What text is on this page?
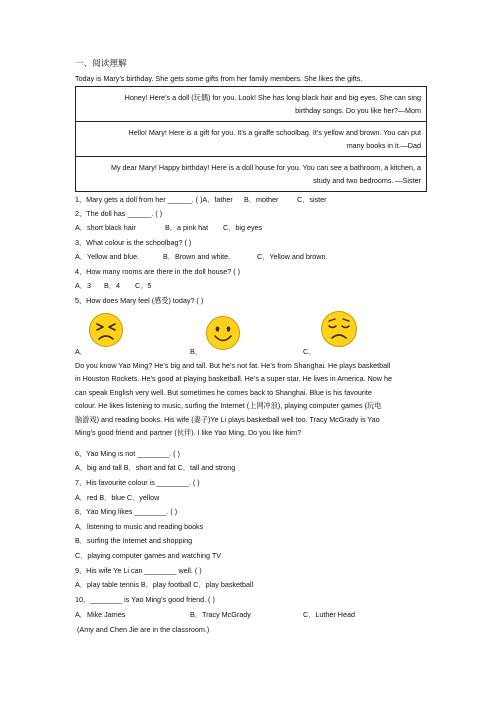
一、阅读理解
Today is Mary’s birthday. She gets some gifts from her family members. She likes the gifts.
Honey! Here’s a doll (玩偶) for you. Look! She has long black hair and big eyes. She can sing
birthday songs. Do you like her?—Mom

Hello! Mary! Here is a gift for you. It’s a giraffe schoolbag. It’s yellow and brown. You can put
many books in it.—Dad

My dear Mary! Happy birthday! Here is a doll house for you. You can see a bathroom, a kitchen, a
study and two bedrooms. —Sister
1、Mary gets a doll from her ______. ( )A．father B．mother	C．sister
2、The doll has ______. ( )
A．short black hair	B．a pink hat C．big eyes
3、What colour is the schoolbag? ( )
A．Yellow and blue.	B．Brown and white.	C．Yellow and brown.
4、How many rooms are there in the doll house? ( )
A．3 B．4 C．5
5、How does Mary feel (感受) today? ( )
A．	B．	C．
Do you know Yao Ming? He’s big and tall. But he’s not fat. He’s from Shanghai. He plays basketball
in Houston Rockets. He’s good at playing basketball. He’s a super star. He lives in America. Now he
can speak English very well. But sometimes he comes back to Shanghai. Blue is his favourite
colour. He likes listening to music, surfing the Internet (上网冲浪), playing computer games (玩电
脑游戏) and reading books. His wife (妻子)Ye Li plays basketball well too. Tracy McGrady is Yao
Ming’s good friend and partner (伙伴). I like Yao Ming. Do you like him?
6、Yao Ming is not ________. ( )
A．big and tall B．short and fat C．tall and strong
7、His favourite colour is ________. ( )
A．red B．blue C．yellow
8、Yao Ming likes ________. ( )
A．listening to music and reading books
B．surfing the Internet and shopping
C．playing computer games and watching TV
9、His wife Ye Li can ________ well. ( )
A．play table tennis B．play football C．play basketball
10、________ is Yao Ming’s good friend. ( )
A．Mike James	B．Tracy McGrady	C．Luther Head
(Amy and Chen Jie are in the classroom.)
